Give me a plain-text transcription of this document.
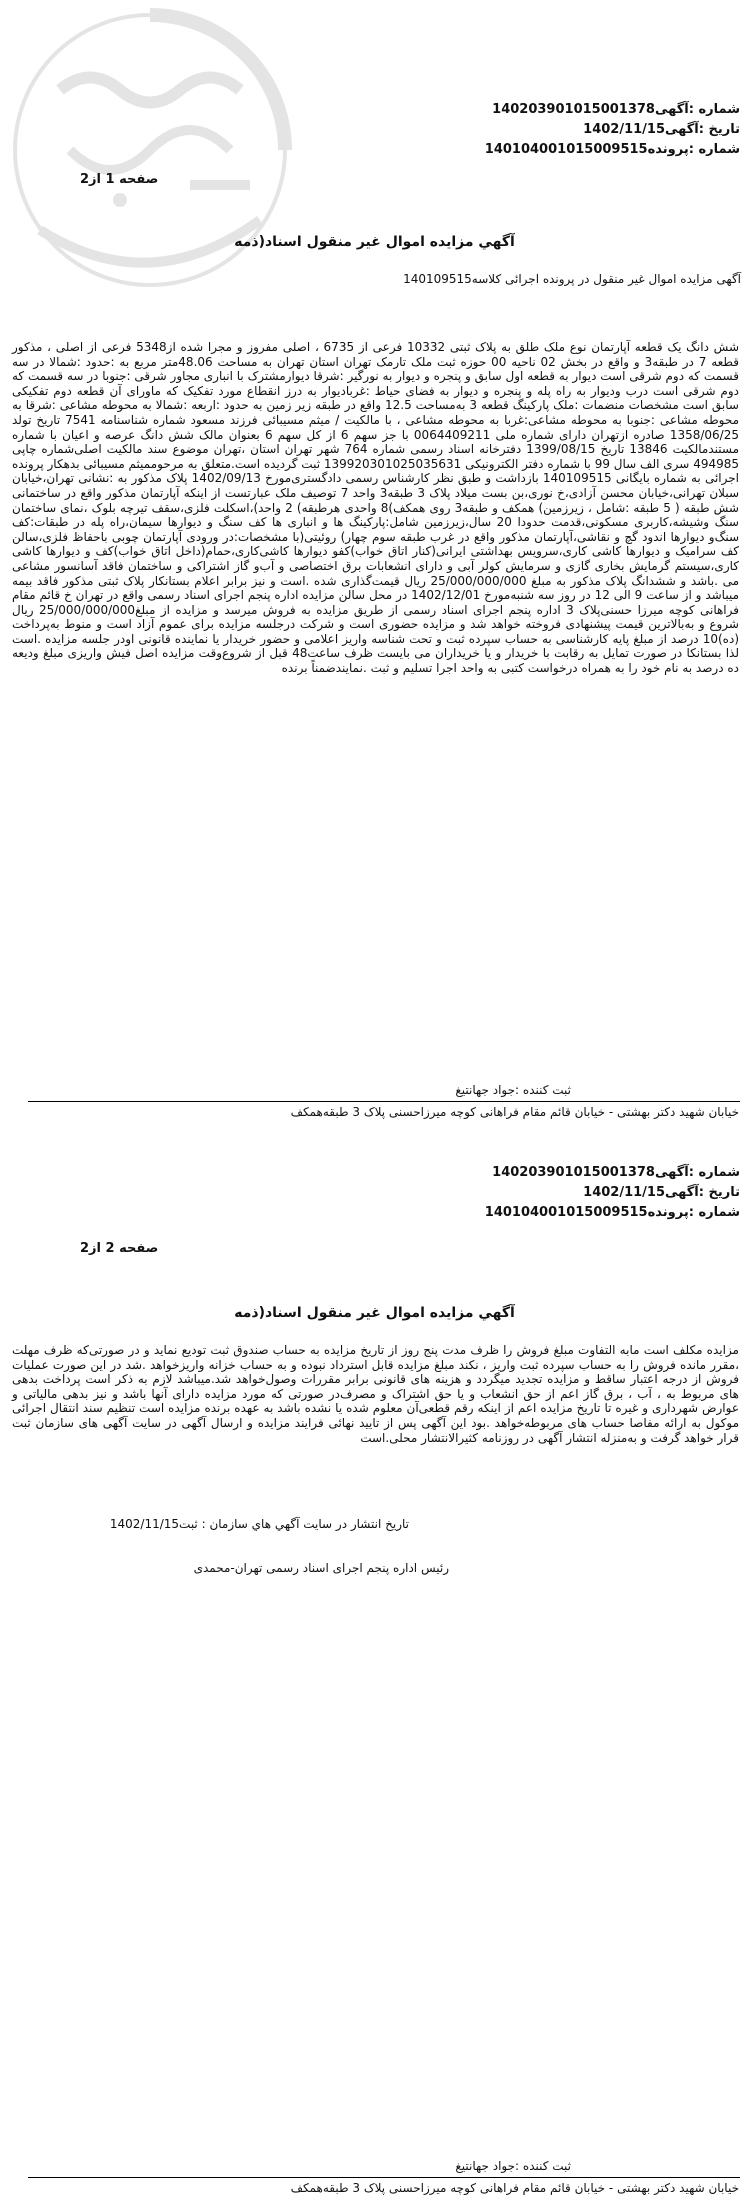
شماره :آگهی140203901015001378
تاریخ :آگهی1402/11/15
شماره :پرونده140104001015009515
صفحه 1 از2
آگهي مزايده اموال غير منقول اسناد(ذمه
آگهی مزایده اموال غیر منقول در پرونده اجرائی کلاسه140109515
شش دانگ یک قطعه آپارتمان نوع ملک طلق به پلاک ثبتی 10332 فرعی از 6735 ، اصلی مفروز و مجرا شده از5348 فرعی از اصلی ، مذکور قطعه 7 در طبقه3 و واقع در بخش 02 ناحیه 00 حوزه ثبت ملک تارمک تهران استان تهران به مساحت 48.06متر مربع به :حدود :شمالا در سه قسمت که دوم شرقی است دیوار به قطعه اول سابق و پنجره و دیوار به نورگیر :شرقا دیوارمشترک با انباری مجاور شرقی :جنوبا در سه قسمت که دوم شرقی است درب ودیوار به راه پله و پنجره و دیوار به فضای حیاط :غربادیوار به درز انقطاع مورد تفکیک که ماورای آن قطعه دوم تفکیکی سابق است مشخصات منضمات :ملک پارکینگ قطعه 3 به‌مساحت 12.5 واقع در طبقه زیر زمین به حدود :اربعه :شمالا به محوطه مشاعی :شرقا به محوطه مشاعی :جنوبا به محوطه مشاعی:غربا به محوطه مشاعی ، با مالکیت / میثم مسیبائی فرزند مسعود شماره شناسنامه 7541 تاریخ تولد 1358/06/25 صادره ازتهران دارای شماره ملی 0064409211 با جز سهم 6 از کل سهم 6 بعنوان مالک شش دانگ عرصه و اعیان با شماره مستندمالکیت 13846 تاریخ 1399/08/15 دفترخانه اسناد رسمی شماره 764 شهر تهران استان ،تهران موضوع سند مالکیت اصلی‌شماره چاپی 494985 سری الف سال 99 با شماره دفتر الکترونیکی 139920301025035631 ثبت گردیده است.متعلق به مرحوممیثم مسیبائی بدهکار پرونده اجرائی به شماره بایگانی 140109515 بازداشت و طبق نظر کارشناس رسمی دادگستری‌مورخ 1402/09/13 پلاک مذکور به :نشانی تهران،خیابان سبلان تهرانی،خیابان محسن آزادی،خ نوری،بن بست میلاد پلاک 3 طبقه3 واحد 7 توصیف ملک عبارتست از اینکه آپارتمان مذکور واقع در ساختمانی شش طبقه ( 5 طبقه :شامل ، زیرزمین) همکف و طبقه3 روی همکف)8 واحدی هرطبقه) 2 واحد)،اسکلت فلزی،سقف تیرچه بلوک ،نمای ساختمان سنگ وشیشه،کاربری مسکونی،قدمت حدودا 20 سال،زیرزمین شامل:پارکینگ ها و انباری ها کف سنگ و دیوارها سیمان،راه پله در طبقات:کف سنگ‌و دیوارها اندود گچ و نقاشی،آپارتمان مذکور واقع در غرب طبقه سوم چهار) روئیتی(با مشخصات:در ورودی آپارتمان چوبی باحفاظ فلزی،سالن کف سرامیک و دیوارها کاشی کاری،سرویس بهداشتی ایرانی(کنار اتاق خواب)کفو دیوارها کاشی‌کاری،حمام(داخل اتاق خواب)کف و دیوارها کاشی کاری،سیستم گرمایش بخاری گازی و سرمایش کولر آبی و دارای انشعابات برق اختصاصی و آب‌و گاز اشتراکی و ساختمان فاقد آسانسور مشاعی می .باشد و ششدانگ پلاک مذکور به مبلغ 25/000/000/000 ریال قیمت‌گذاری شده .است و نیز برابر اعلام بستانکار پلاک ثبتی مذکور فاقد بیمه میباشد و از ساعت 9 الی 12 در روز سه شنبه‌مورخ 1402/12/01 در محل سالن مزایده اداره پنجم اجرای اسناد رسمی واقع در تهران خ قائم مقام فراهانی کوچه میرزا حسنی‌پلاک 3 اداره پنجم اجرای اسناد رسمی از طریق مزایده به فروش میرسد و مزایده از مبلغ25/000/000/000 ریال شروع و به‌بالاترین قیمت پیشنهادی فروخته خواهد شد و مزایده حضوری است و شرکت درجلسه مزایده برای عموم آزاد است و منوط به‌پرداخت (ده)10 درصد از مبلغ پایه کارشناسی به حساب سپرده ثبت و تحت شناسه واریز اعلامی و حضور خریدار یا نماینده قانونی اودر جلسه مزایده .است لذا بستانکا در صورت تمایل به رقابت با خریدار و یا خریداران می بایست ظرف ساعت48 قبل از شروع‌وقت مزایده اصل فیش واریزی مبلغ ودیعه ده درصد به نام خود را به همراه درخواست کتبی به واحد اجرا تسلیم و ثبت .نمایندضمناً برنده
ثبت کننده :جواد جهانتیغ
خیابان شهید دکتر بهشتی - خیابان قائم مقام فراهانی کوچه میرزاحسنی پلاک 3 طبقه‌همکف
شماره :آگهی140203901015001378
تاریخ :آگهی1402/11/15
شماره :پرونده140104001015009515
صفحه 2 از2
آگهي مزايده اموال غير منقول اسناد(ذمه
مزایده مکلف است مابه التفاوت مبلغ فروش را ظرف مدت پنج روز از تاریخ مزایده به حساب صندوق ثبت تودیع نماید و در صورتی‌که ظرف مهلت ،مقرر مانده فروش را به حساب سپرده ثبت واریز ، نکند مبلغ مزایده قابل استرداد نبوده و به حساب خزانه واریزخواهد .شد در این صورت عملیات فروش از درجه اعتبار ساقط و مزایده تجدید میگردد و هزینه های قانونی برابر مقررات وصول‌خواهد شد.میباشد لازم به ذکر است پرداخت بدهی های مربوط به ، آب ، برق گاز اعم از حق انشعاب و یا حق اشتراک و مصرف‌در صورتی که مورد مزایده دارای آنها باشد و نیز بدهی مالیاتی و عوارض شهرداری و غیره تا تاریخ مزایده اعم از اینکه رقم قطعی‌آن معلوم شده یا نشده باشد به عهده برنده مزایده است تنظیم سند انتقال اجرائی موکول به ارائه مفاصا حساب های مربوطه‌خواهد .بود این آگهی پس از تایید نهائی فرایند مزایده و ارسال آگهی در سایت آگهی های سازمان ثبت قرار خواهد گرفت و به‌منزله انتشار آگهی در روزنامه کثیرالانتشار محلی.است
تاریخ انتشار در سایت آگهي هاي سازمان : ثبت1402/11/15
رئیس اداره پنجم اجرای اسناد رسمی تهران-محمدی
ثبت کننده :جواد جهانتیغ
خیابان شهید دکتر بهشتی - خیابان قائم مقام فراهانی کوچه میرزاحسنی پلاک 3 طبقه‌همکف
